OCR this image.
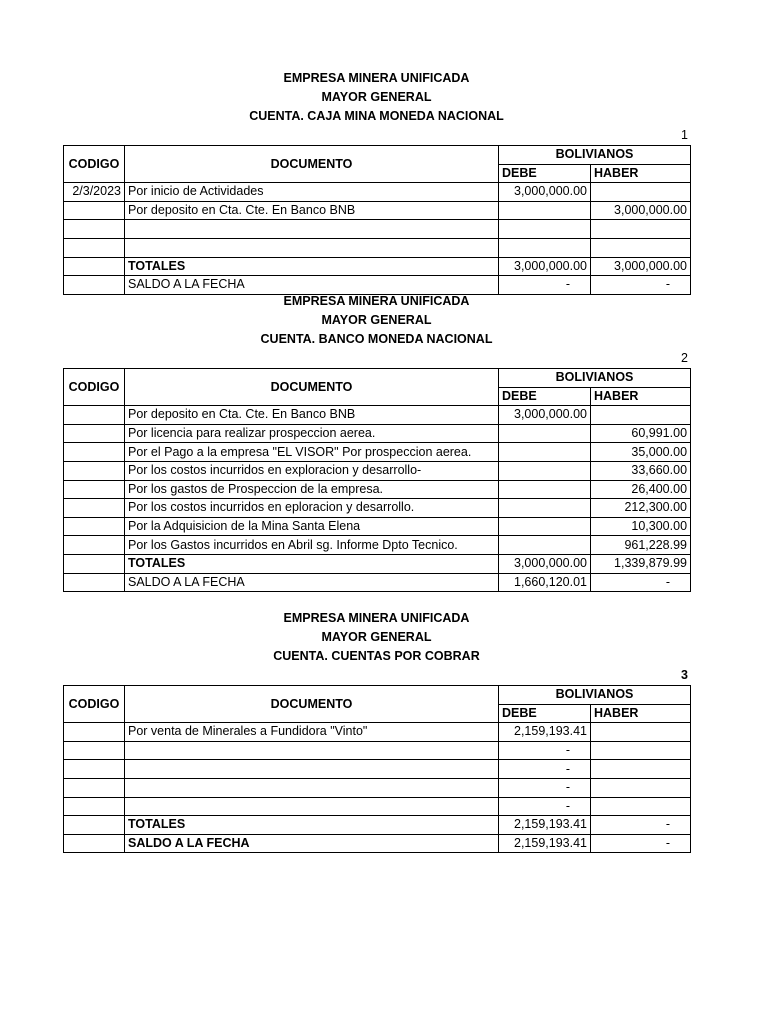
EMPRESA MINERA UNIFICADA
MAYOR GENERAL
CUENTA. CAJA MINA MONEDA NACIONAL
1
CODIGO	DOCUMENTO	BOLIVIANOS	
		DEBE	HABER
2/3/2023	Por inicio de Actividades	3,000,000.00	
	Por deposito en Cta. Cte. En Banco BNB		3,000,000.00

	TOTALES	3,000,000.00	3,000,000.00
	SALDO A LA FECHA	-	-
EMPRESA MINERA UNIFICADA
MAYOR GENERAL
CUENTA. BANCO MONEDA NACIONAL
2
CODIGO	DOCUMENTO	BOLIVIANOS	
		DEBE	HABER
	Por deposito en Cta. Cte. En Banco BNB	3,000,000.00	
	Por licencia para realizar prospeccion aerea.		60,991.00
	Por el Pago a la empresa "EL VISOR" Por prospeccion aerea.		35,000.00
	Por los costos incurridos en exploracion y desarrollo-		33,660.00
	Por los gastos de Prospeccion de la empresa.		26,400.00
	Por los costos incurridos en eploracion y desarrollo.		212,300.00
	Por la Adquisicion de la Mina Santa Elena		10,300.00
	Por los Gastos incurridos en Abril sg. Informe Dpto Tecnico.		961,228.99
	TOTALES	3,000,000.00	1,339,879.99
	SALDO A LA FECHA	1,660,120.01	-
EMPRESA MINERA UNIFICADA
MAYOR GENERAL
CUENTA. CUENTAS POR COBRAR
3
CODIGO	DOCUMENTO	BOLIVIANOS	
		DEBE	HABER
	Por venta de Minerales a Fundidora "Vinto"	2,159,193.41	
		-	
		-	
		-	
		-	
	TOTALES	2,159,193.41	-
	SALDO A LA FECHA	2,159,193.41	-
